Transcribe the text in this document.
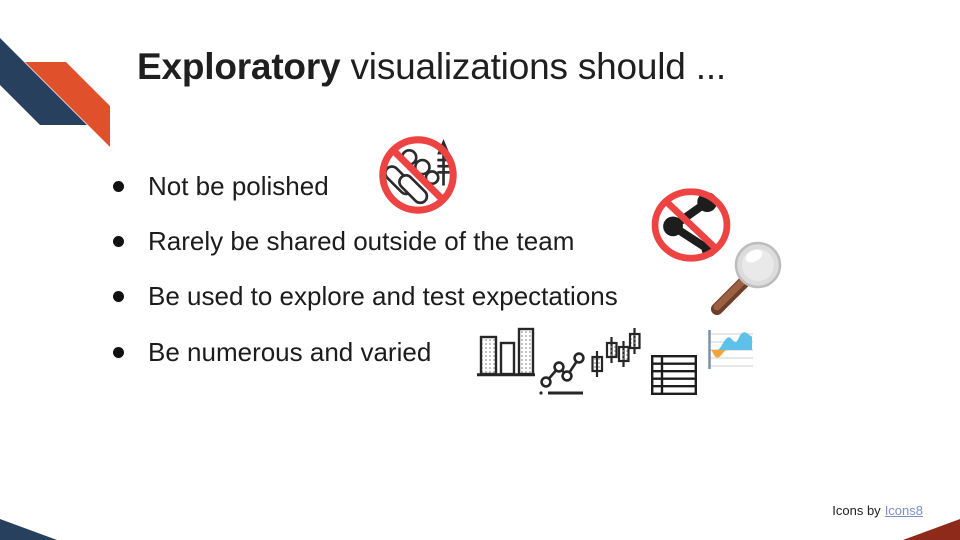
Exploratory visualizations should ...
Not be polished
Rarely be shared outside of the team
Be used to explore and test expectations
Be numerous and varied
Icons by Icons8
